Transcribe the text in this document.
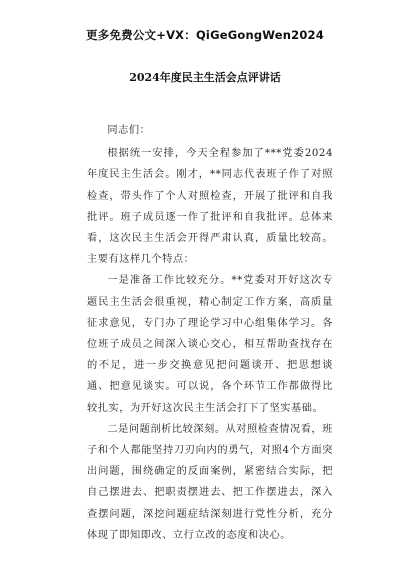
更多免费公文+VX：QiGeGongWen2024
2024年度民主生活会点评讲话

同志们：

根据统一安排，今天全程参加了***党委2024年度民主生活会。刚才，**同志代表班子作了对照检查，带头作了个人对照检查，开展了批评和自我批评。班子成员逐一作了批评和自我批评。总体来看，这次民主生活会开得严肃认真，质量比较高。主要有这样几个特点：

一是准备工作比较充分。**党委对开好这次专题民主生活会很重视，精心制定工作方案，高质量征求意见，专门办了理论学习中心组集体学习。各位班子成员之间深入谈心交心，相互帮助查找存在的不足，进一步交换意见把问题谈开、把思想谈通、把意见谈实。可以说，各个环节工作都做得比较扎实，为开好这次民主生活会打下了坚实基础。

二是问题剖析比较深刻。从对照检查情况看，班子和个人都能坚持刀刃向内的勇气，对照4个方面突出问题，围绕确定的反面案例，紧密结合实际，把自己摆进去、把职责摆进去、把工作摆进去，深入查摆问题，深挖问题症结深刻进行党性分析，充分体现了即知即改、立行立改的态度和决心。
